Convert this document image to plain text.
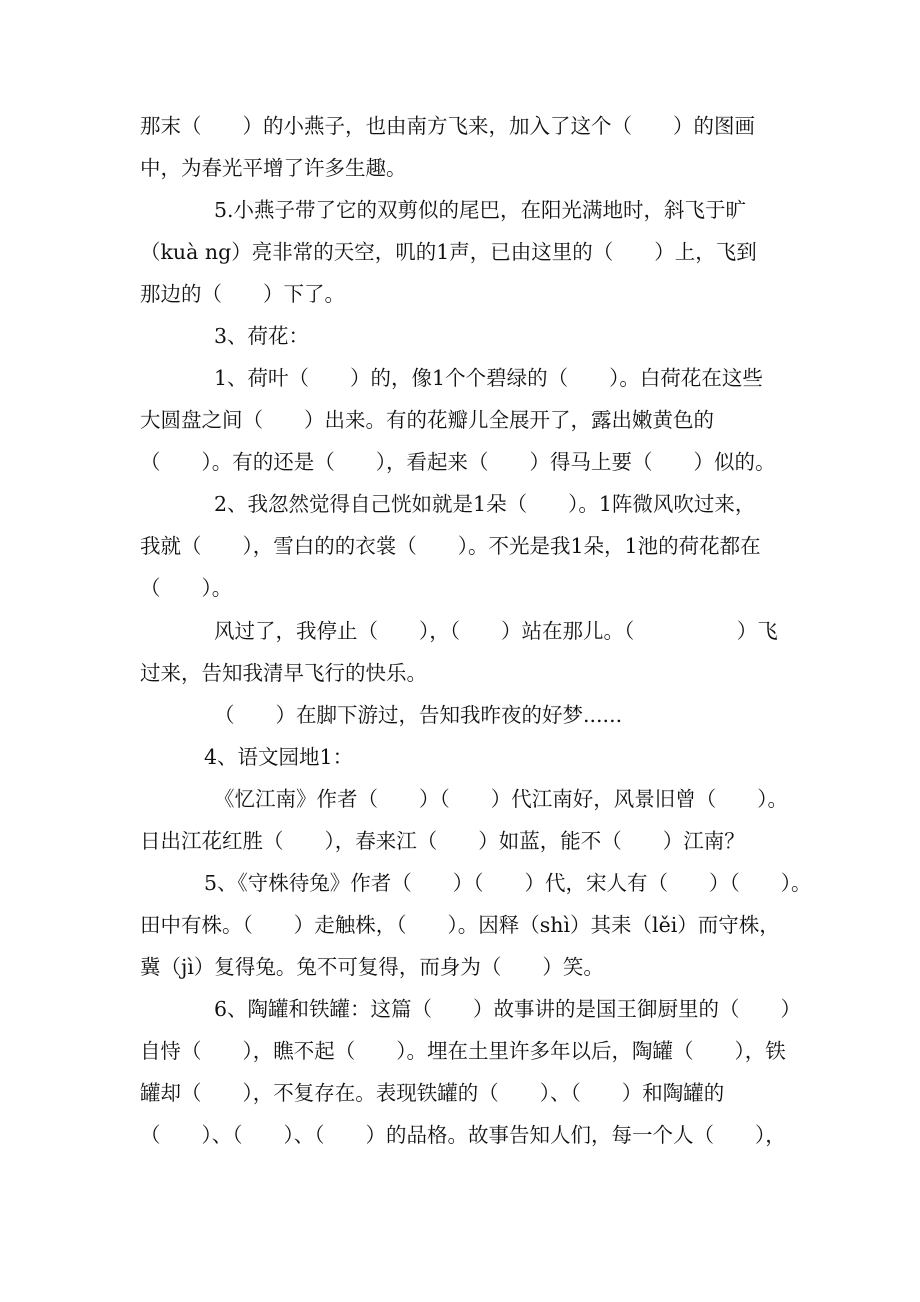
那末（　　）的小燕子，也由南方飞来，加入了这个（　　）的图画
中，为春光平增了许多生趣。
5.小燕子带了它的双剪似的尾巴，在阳光满地时，斜飞于旷
（kuà ng）亮非常的天空，叽的1声，已由这里的（　　）上，飞到
那边的（　　）下了。
3、荷花：
1、荷叶（　　）的，像1个个碧绿的（　　）。白荷花在这些
大圆盘之间（　　）出来。有的花瓣儿全展开了，露出嫩黄色的
（　　）。有的还是（　　），看起来（　　）得马上要（　　）似的。
2、我忽然觉得自己恍如就是1朵（　　）。1阵微风吹过来，
我就（　　），雪白的的衣裳（　　）。不光是我1朵，1池的荷花都在
（　　）。
风过了，我停止（　　），（　　）站在那儿。（　　　　　）飞
过来，告知我清早飞行的快乐。
（　　）在脚下游过，告知我昨夜的好梦......
4、语文园地1：
《忆江南》作者（　　）（　　）代江南好，风景旧曾（　　）。
日出江花红胜（　　），春来江（　　）如蓝，能不（　　）江南？
5、《守株待兔》作者（　　）（　　）代，宋人有（　　）（　　）。
田中有株。（　　）走触株，（　　）。因释（shì）其耒（lěi）而守株，
冀（jì）复得兔。兔不可复得，而身为（　　）笑。
6、陶罐和铁罐：这篇（　　）故事讲的是国王御厨里的（　　）
自恃（　　），瞧不起（　　）。埋在土里许多年以后，陶罐（　　），铁
罐却（　　），不复存在。表现铁罐的（　　）、（　　）和陶罐的
（　　）、（　　）、（　　）的品格。故事告知人们，每一个人（　　），
